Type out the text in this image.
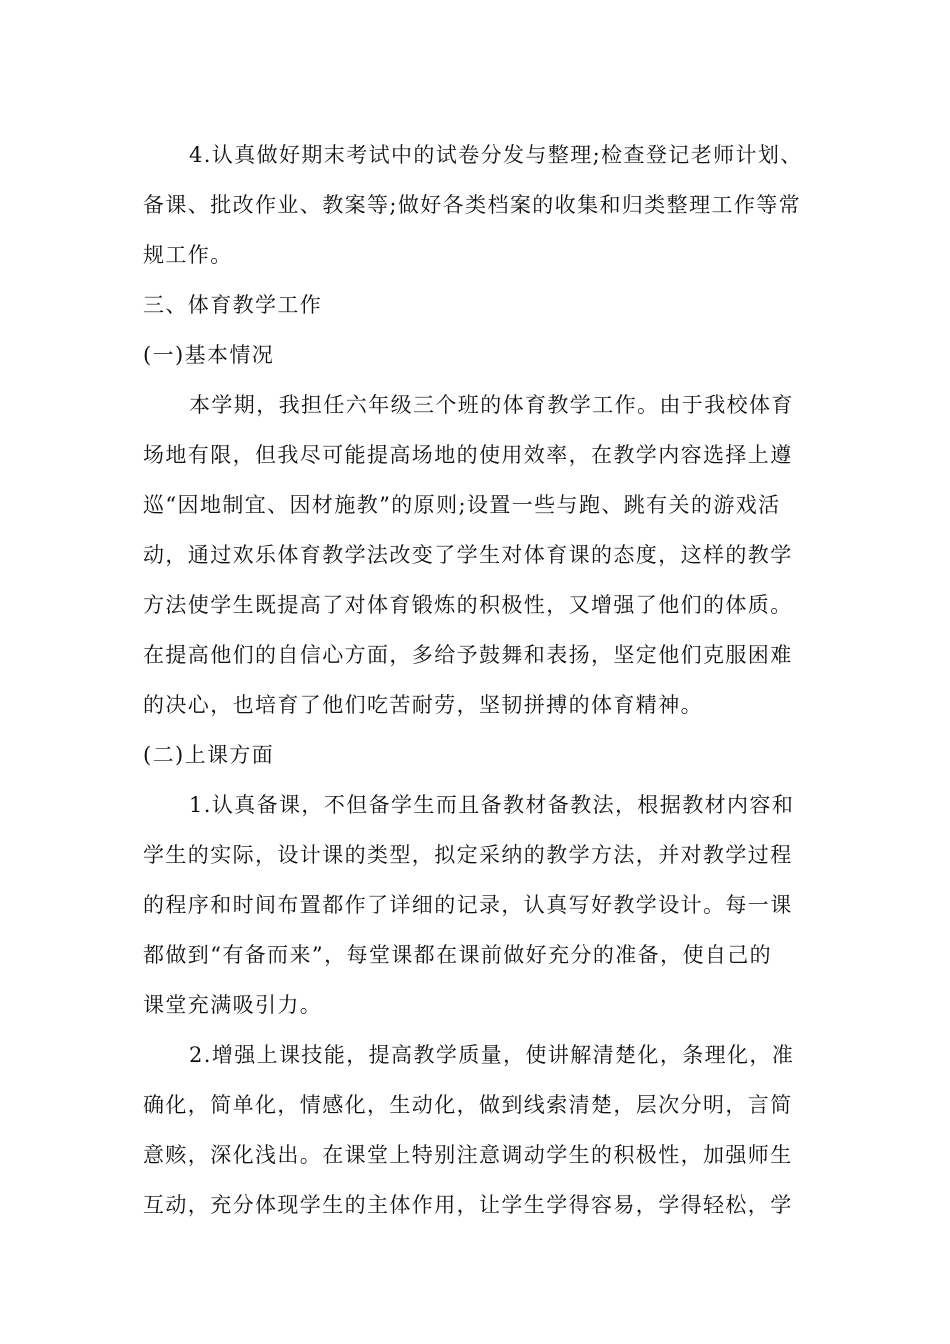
4.认真做好期末考试中的试卷分发与整理;检查登记老师计划、
备课、批改作业、教案等;做好各类档案的收集和归类整理工作等常
规工作。
三、体育教学工作
(一)基本情况
本学期，我担任六年级三个班的体育教学工作。由于我校体育
场地有限，但我尽可能提高场地的使用效率，在教学内容选择上遵
巡“因地制宜、因材施教”的原则;设置一些与跑、跳有关的游戏活
动，通过欢乐体育教学法改变了学生对体育课的态度，这样的教学
方法使学生既提高了对体育锻炼的积极性，又增强了他们的体质。
在提高他们的自信心方面，多给予鼓舞和表扬，坚定他们克服困难
的决心，也培育了他们吃苦耐劳，坚韧拼搏的体育精神。
(二)上课方面
1.认真备课，不但备学生而且备教材备教法，根据教材内容和
学生的实际，设计课的类型，拟定采纳的教学方法，并对教学过程
的程序和时间布置都作了详细的记录，认真写好教学设计。每一课
都做到“有备而来”，每堂课都在课前做好充分的准备，使自己的
课堂充满吸引力。
2.增强上课技能，提高教学质量，使讲解清楚化，条理化，准
确化，简单化，情感化，生动化，做到线索清楚，层次分明，言简
意赅，深化浅出。在课堂上特别注意调动学生的积极性，加强师生
互动，充分体现学生的主体作用，让学生学得容易，学得轻松，学
